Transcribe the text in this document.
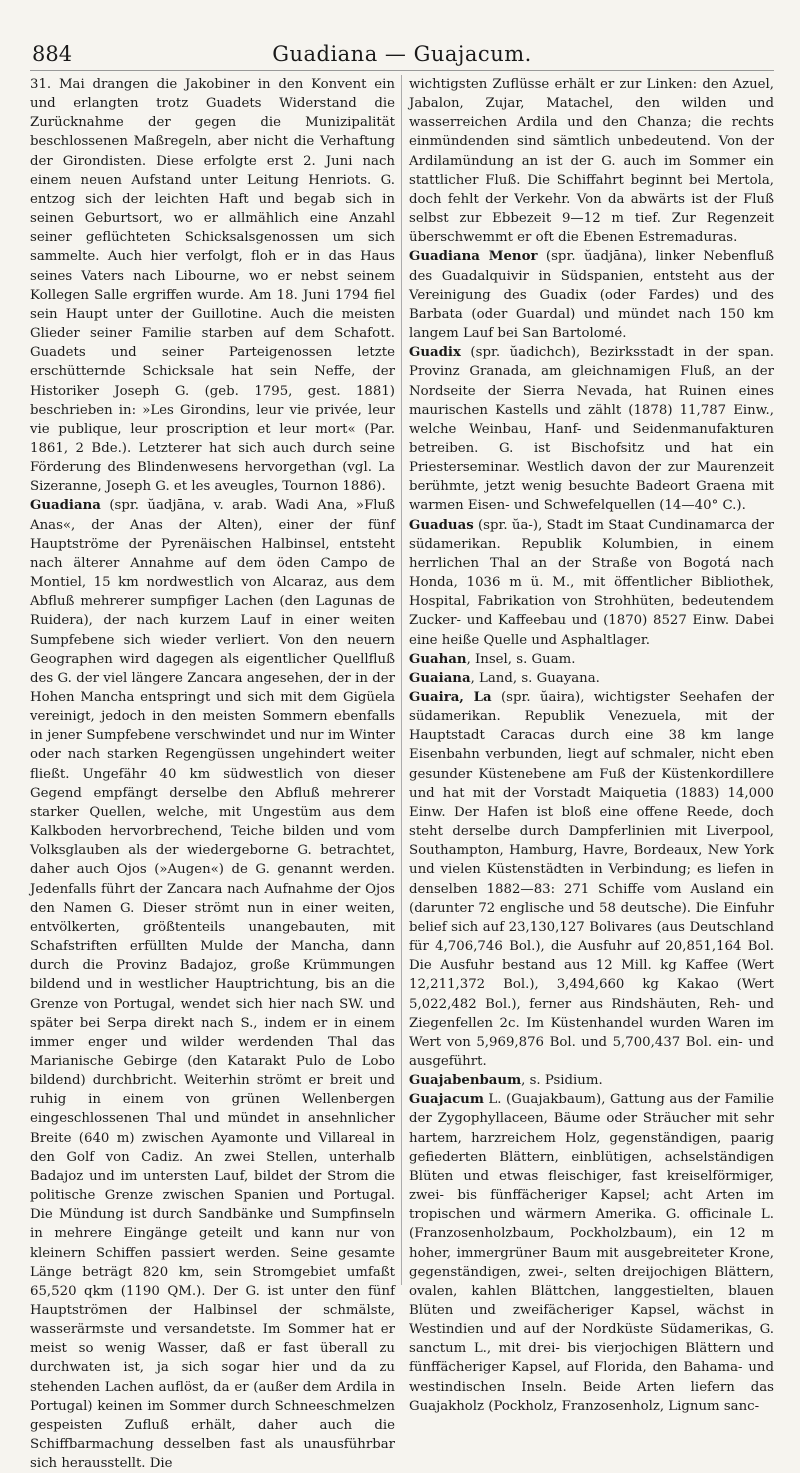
884	Guadiana — Guajacum.

31. Mai drangen die Jakobiner in den Konvent ein und erlangten trotz Guadets Widerstand die Zurücknahme der gegen die Munizipalität beschlossenen Maßregeln, aber nicht die Verhaftung der Girondisten. Diese erfolgte erst 2. Juni nach einem neuen Aufstand unter Leitung Henriots. G. entzog sich der leichten Haft und begab sich in seinen Geburtsort, wo er allmählich eine Anzahl seiner geflüchteten Schicksalsgenossen um sich sammelte. Auch hier verfolgt, floh er in das Haus seines Vaters nach Libourne, wo er nebst seinem Kollegen Salle ergriffen wurde. Am 18. Juni 1794 fiel sein Haupt unter der Guillotine. Auch die meisten Glieder seiner Familie starben auf dem Schafott. Guadets und seiner Parteigenossen letzte erschütternde Schicksale hat sein Neffe, der Historiker Joseph G. (geb. 1795, gest. 1881) beschrieben in: »Les Girondins, leur vie privée, leur vie publique, leur proscription et leur mort« (Par. 1861, 2 Bde.). Letzterer hat sich auch durch seine Förderung des Blindenwesens hervorgethan (vgl. La Sizeranne, Joseph G. et les aveugles, Tournon 1886).

Guadiana (spr. ŭadjāna, v. arab. Wadi Ana, »Fluß Anas«, der Anas der Alten), einer der fünf Hauptströme der Pyrenäischen Halbinsel, entsteht nach älterer Annahme auf dem öden Campo de Montiel, 15 km nordwestlich von Alcaraz, aus dem Abfluß mehrerer sumpfiger Lachen (den Lagunas de Ruidera), der nach kurzem Lauf in einer weiten Sumpfebene sich wieder verliert. Von den neuern Geographen wird dagegen als eigentlicher Quellfluß des G. der viel längere Zancara angesehen, der in der Hohen Mancha entspringt und sich mit dem Gigüela vereinigt, jedoch in den meisten Sommern ebenfalls in jener Sumpfebene verschwindet und nur im Winter oder nach starken Regengüssen ungehindert weiter fließt. Ungefähr 40 km südwestlich von dieser Gegend empfängt derselbe den Abfluß mehrerer starker Quellen, welche, mit Ungestüm aus dem Kalkboden hervorbrechend, Teiche bilden und vom Volksglauben als der wiedergeborne G. betrachtet, daher auch Ojos (»Augen«) de G. genannt werden. Jedenfalls führt der Zancara nach Aufnahme der Ojos den Namen G. Dieser strömt nun in einer weiten, entvölkerten, größtenteils unangebauten, mit Schafstriften erfüllten Mulde der Mancha, dann durch die Provinz Badajoz, große Krümmungen bildend und in westlicher Hauptrichtung, bis an die Grenze von Portugal, wendet sich hier nach SW. und später bei Serpa direkt nach S., indem er in einem immer enger und wilder werdenden Thal das Marianische Gebirge (den Katarakt Pulo de Lobo bildend) durchbricht. Weiterhin strömt er breit und ruhig in einem von grünen Wellenbergen eingeschlossenen Thal und mündet in ansehnlicher Breite (640 m) zwischen Ayamonte und Villareal in den Golf von Cadiz. An zwei Stellen, unterhalb Badajoz und im untersten Lauf, bildet der Strom die politische Grenze zwischen Spanien und Portugal. Die Mündung ist durch Sandbänke und Sumpfinseln in mehrere Eingänge geteilt und kann nur von kleinern Schiffen passiert werden. Seine gesamte Länge beträgt 820 km, sein Stromgebiet umfaßt 65,520 qkm (1190 QM.). Der G. ist unter den fünf Hauptströmen der Halbinsel der schmälste, wasserärmste und versandetste. Im Sommer hat er meist so wenig Wasser, daß er fast überall zu durchwaten ist, ja sich sogar hier und da zu stehenden Lachen auflöst, da er (außer dem Ardila in Portugal) keinen im Sommer durch Schneeschmelzen gespeisten Zufluß erhält, daher auch die Schiffbarmachung desselben fast als unausführbar sich herausstellt. Die

wichtigsten Zuflüsse erhält er zur Linken: den Azuel, Jabalon, Zujar, Matachel, den wilden und wasserreichen Ardila und den Chanza; die rechts einmündenden sind sämtlich unbedeutend. Von der Ardilamündung an ist der G. auch im Sommer ein stattlicher Fluß. Die Schiffahrt beginnt bei Mertola, doch fehlt der Verkehr. Von da abwärts ist der Fluß selbst zur Ebbezeit 9—12 m tief. Zur Regenzeit überschwemmt er oft die Ebenen Estremaduras.

Guadiana Menor (spr. ŭadjāna), linker Nebenfluß des Guadalquivir in Südspanien, entsteht aus der Vereinigung des Guadix (oder Fardes) und des Barbata (oder Guardal) und mündet nach 150 km langem Lauf bei San Bartolomé.

Guadix (spr. ŭadichch), Bezirksstadt in der span. Provinz Granada, am gleichnamigen Fluß, an der Nordseite der Sierra Nevada, hat Ruinen eines maurischen Kastells und zählt (1878) 11,787 Einw., welche Weinbau, Hanf- und Seidenmanufakturen betreiben. G. ist Bischofsitz und hat ein Priesterseminar. Westlich davon der zur Maurenzeit berühmte, jetzt wenig besuchte Badeort Graena mit warmen Eisen- und Schwefelquellen (14—40° C.).

Guaduas (spr. ŭa-), Stadt im Staat Cundinamarca der südamerikan. Republik Kolumbien, in einem herrlichen Thal an der Straße von Bogotá nach Honda, 1036 m ü. M., mit öffentlicher Bibliothek, Hospital, Fabrikation von Strohhüten, bedeutendem Zucker- und Kaffeebau und (1870) 8527 Einw. Dabei eine heiße Quelle und Asphaltlager.

Guahan, Insel, s. Guam.

Guaiana, Land, s. Guayana.

Guaira, La (spr. ŭaira), wichtigster Seehafen der südamerikan. Republik Venezuela, mit der Hauptstadt Caracas durch eine 38 km lange Eisenbahn verbunden, liegt auf schmaler, nicht eben gesunder Küstenebene am Fuß der Küstenkordillere und hat mit der Vorstadt Maiquetia (1883) 14,000 Einw. Der Hafen ist bloß eine offene Reede, doch steht derselbe durch Dampferlinien mit Liverpool, Southampton, Hamburg, Havre, Bordeaux, New York und vielen Küstenstädten in Verbindung; es liefen in denselben 1882—83: 271 Schiffe vom Ausland ein (darunter 72 englische und 58 deutsche). Die Einfuhr belief sich auf 23,130,127 Bolivares (aus Deutschland für 4,706,746 Bol.), die Ausfuhr auf 20,851,164 Bol. Die Ausfuhr bestand aus 12 Mill. kg Kaffee (Wert 12,211,372 Bol.), 3,494,660 kg Kakao (Wert 5,022,482 Bol.), ferner aus Rindshäuten, Reh- und Ziegenfellen 2c. Im Küstenhandel wurden Waren im Wert von 5,969,876 Bol. und 5,700,437 Bol. ein- und ausgeführt.

Guajabenbaum, s. Psidium.

Guajacum L. (Guajakbaum), Gattung aus der Familie der Zygophyllaceen, Bäume oder Sträucher mit sehr hartem, harzreichem Holz, gegenständigen, paarig gefiederten Blättern, einblütigen, achselständigen Blüten und etwas fleischiger, fast kreiselförmiger, zwei- bis fünffächeriger Kapsel; acht Arten im tropischen und wärmern Amerika. G. officinale L. (Franzosenholzbaum, Pockholzbaum), ein 12 m hoher, immergrüner Baum mit ausgebreiteter Krone, gegenständigen, zwei-, selten dreijochigen Blättern, ovalen, kahlen Blättchen, langgestielten, blauen Blüten und zweifächeriger Kapsel, wächst in Westindien und auf der Nordküste Südamerikas, G. sanctum L., mit drei- bis vierjochigen Blättern und fünffächeriger Kapsel, auf Florida, den Bahama- und westindischen Inseln. Beide Arten liefern das Guajakholz (Pockholz, Franzosenholz, Lignum sanc-
